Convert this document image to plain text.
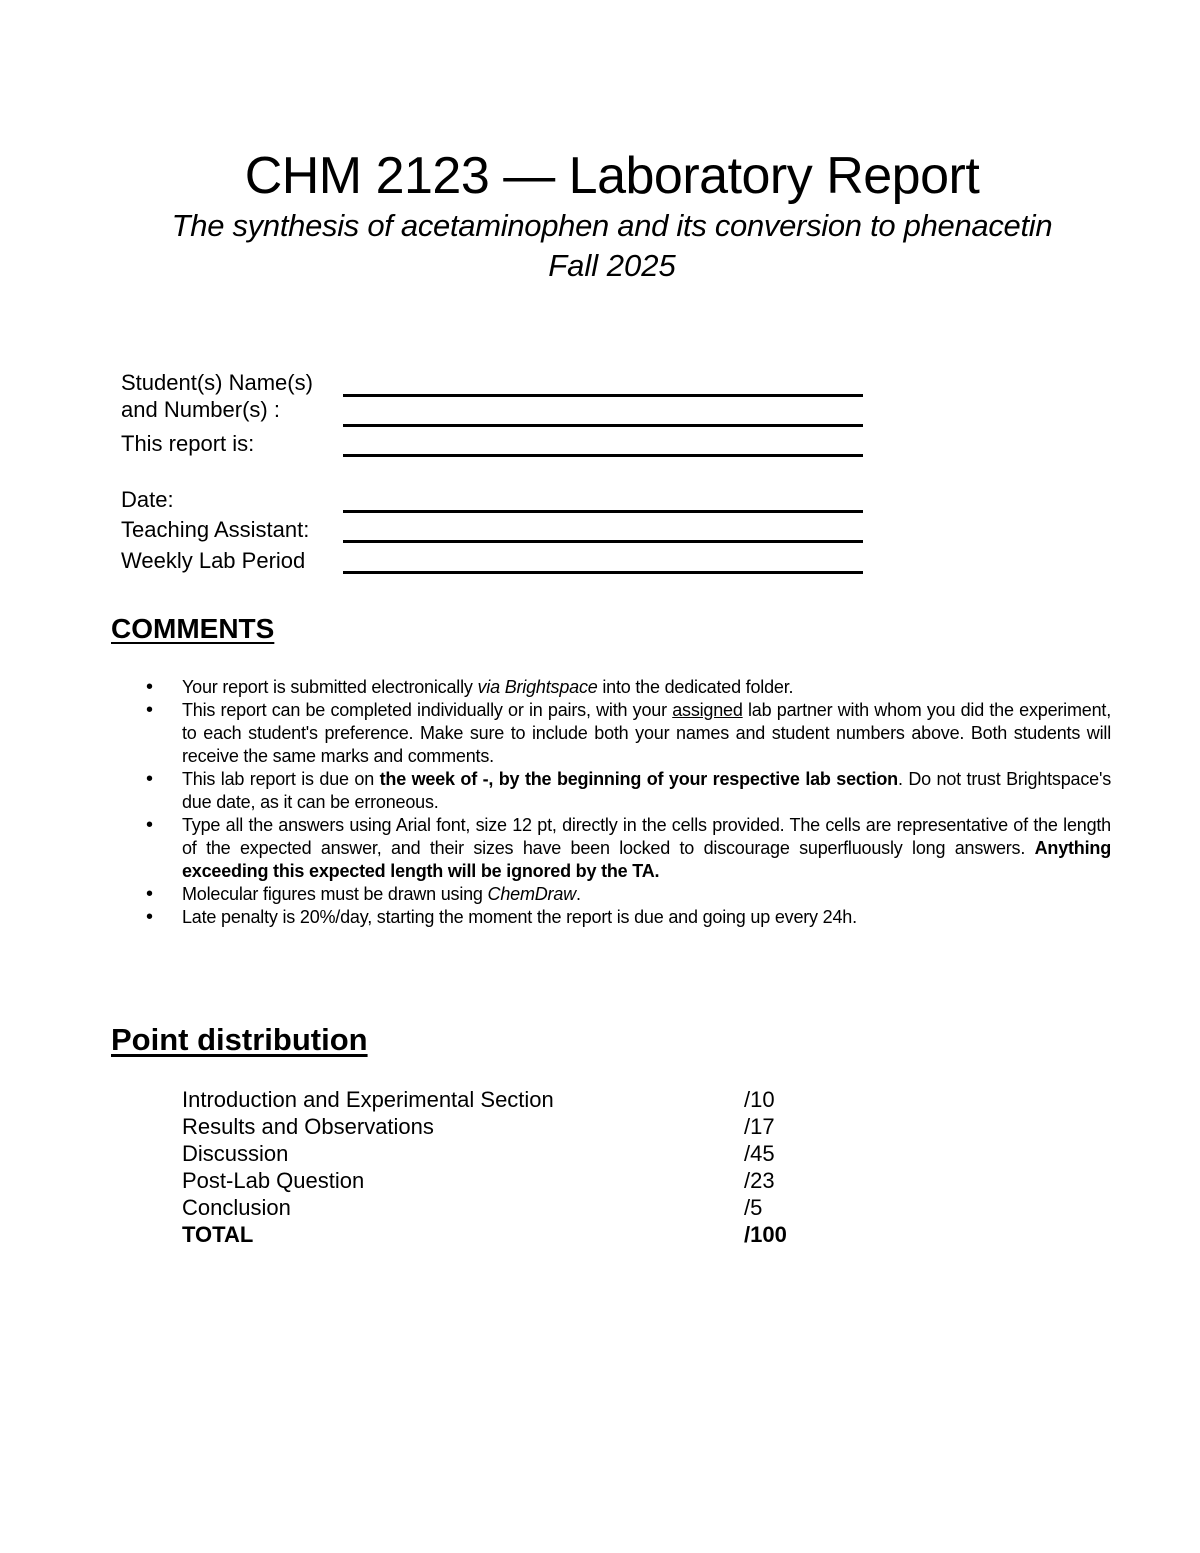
CHM 2123 — Laboratory Report
The synthesis of acetaminophen and its conversion to phenacetin
Fall 2025
Student(s) Name(s)
and Number(s) :
This report is:
Date:
Teaching Assistant:
Weekly Lab Period
COMMENTS
• Your report is submitted electronically via Brightspace into the dedicated folder.
• This report can be completed individually or in pairs, with your assigned lab partner with whom you did the experiment, to each student's preference. Make sure to include both your names and student numbers above. Both students will receive the same marks and comments.
• This lab report is due on the week of -, by the beginning of your respective lab section. Do not trust Brightspace's due date, as it can be erroneous.
• Type all the answers using Arial font, size 12 pt, directly in the cells provided. The cells are representative of the length of the expected answer, and their sizes have been locked to discourage superfluously long answers. Anything exceeding this expected length will be ignored by the TA.
• Molecular figures must be drawn using ChemDraw.
• Late penalty is 20%/day, starting the moment the report is due and going up every 24h.
Point distribution
Introduction and Experimental Section	/10
Results and Observations	/17
Discussion	/45
Post-Lab Question	/23
Conclusion	/5
TOTAL	/100
